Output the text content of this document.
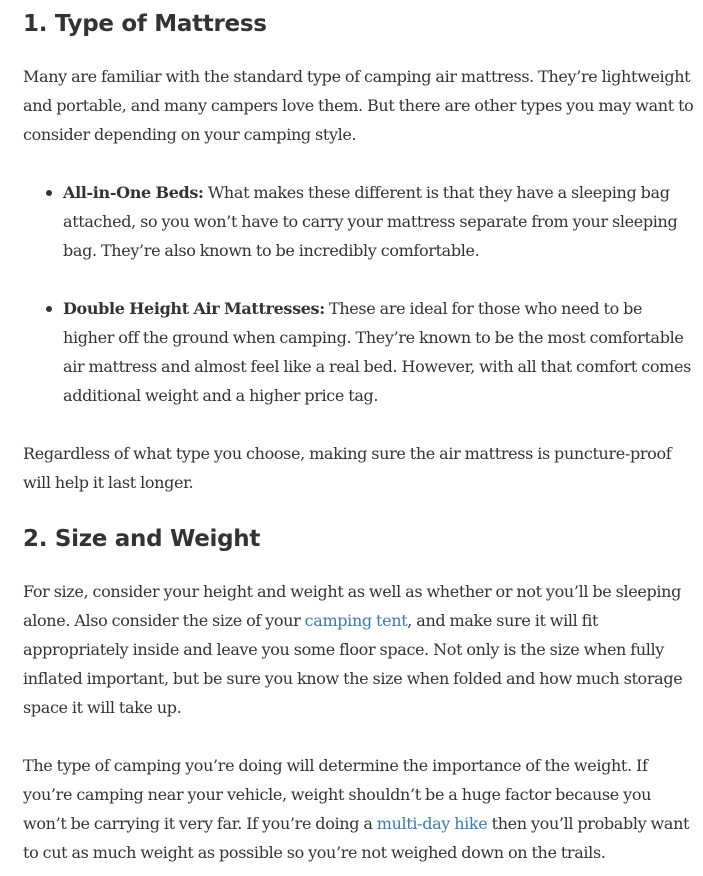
1. Type of Mattress

Many are familiar with the standard type of camping air mattress. They’re lightweight and portable, and many campers love them. But there are other types you may want to consider depending on your camping style.

All-in-One Beds: What makes these different is that they have a sleeping bag attached, so you won’t have to carry your mattress separate from your sleeping bag. They’re also known to be incredibly comfortable.
Double Height Air Mattresses: These are ideal for those who need to be higher off the ground when camping. They’re known to be the most comfortable air mattress and almost feel like a real bed. However, with all that comfort comes additional weight and a higher price tag.

Regardless of what type you choose, making sure the air mattress is puncture-proof will help it last longer.

2. Size and Weight

For size, consider your height and weight as well as whether or not you’ll be sleeping alone. Also consider the size of your camping tent, and make sure it will fit appropriately inside and leave you some floor space. Not only is the size when fully inflated important, but be sure you know the size when folded and how much storage space it will take up.

The type of camping you’re doing will determine the importance of the weight. If you’re camping near your vehicle, weight shouldn’t be a huge factor because you won’t be carrying it very far. If you’re doing a multi-day hike then you’ll probably want to cut as much weight as possible so you’re not weighed down on the trails.
